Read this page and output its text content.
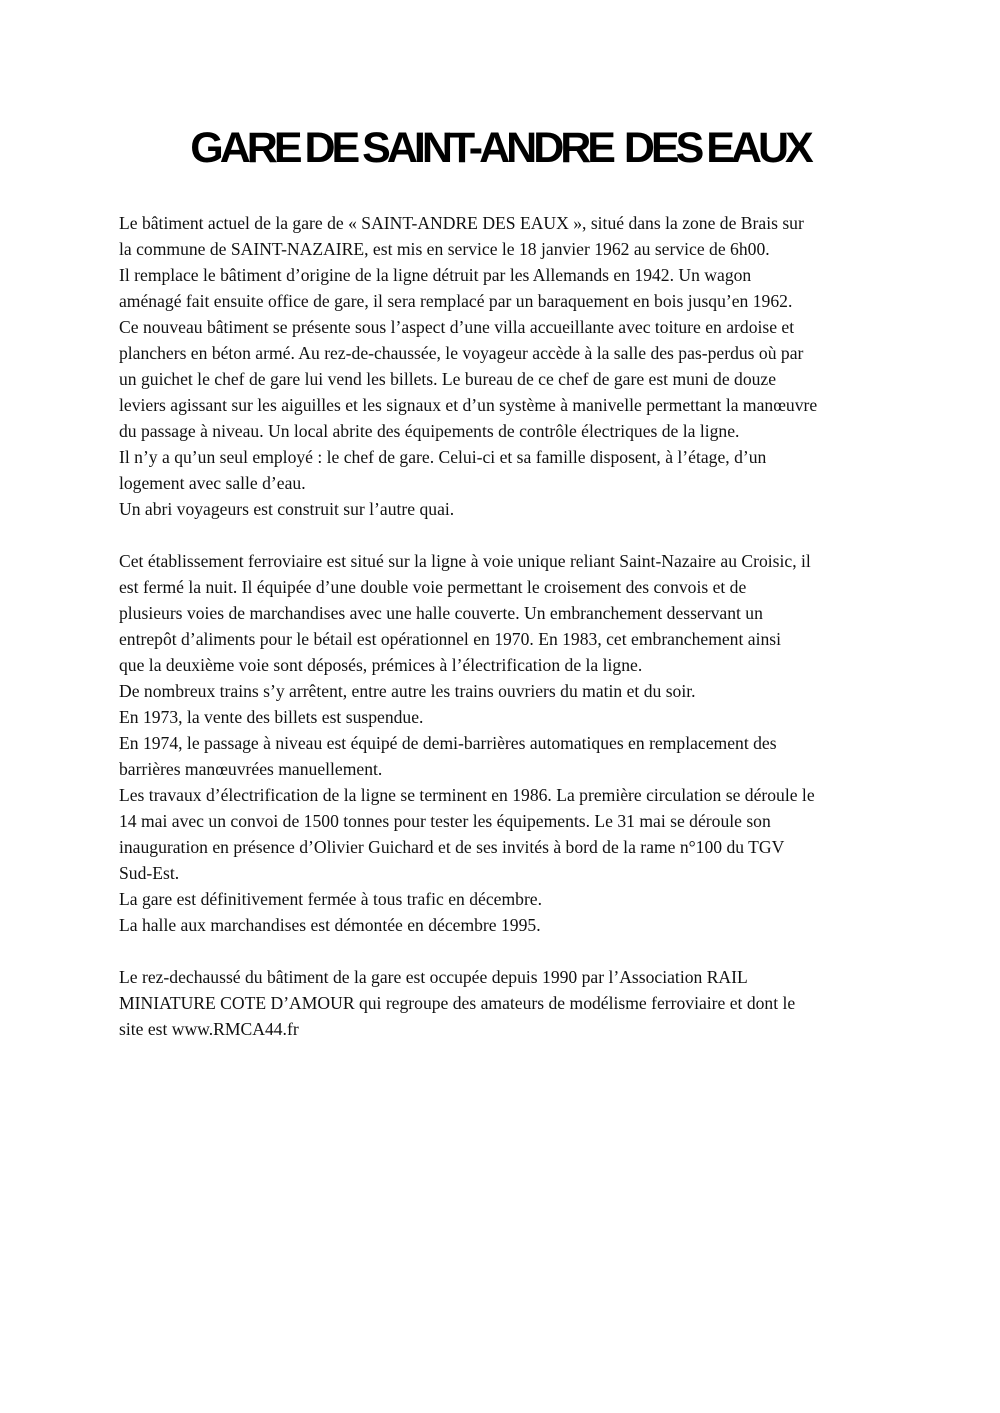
GARE DE SAINT-ANDRE  DES EAUX

Le bâtiment actuel de la gare de « SAINT-ANDRE DES EAUX », situé dans la zone de Brais sur
la commune de SAINT-NAZAIRE, est mis en service le 18 janvier 1962 au service de 6h00.

Il remplace le bâtiment d’origine de la ligne détruit par les Allemands en 1942. Un wagon
aménagé fait ensuite office de gare, il sera remplacé par un baraquement en bois jusqu’en 1962.

Ce nouveau bâtiment se présente sous l’aspect d’une villa accueillante avec toiture en ardoise et
planchers en béton armé. Au rez-de-chaussée, le voyageur accède à la salle des pas-perdus où par
un guichet le chef de gare lui vend les billets. Le bureau de ce chef de gare est muni de douze
leviers agissant sur les aiguilles et les signaux et d’un système à manivelle permettant la manœuvre
du passage à niveau. Un local abrite des équipements de contrôle électriques de la ligne.

Il n’y a qu’un seul employé : le chef de gare. Celui-ci et sa famille disposent, à l’étage, d’un
logement avec salle d’eau.

Un abri voyageurs est construit sur l’autre quai.

Cet établissement ferroviaire est situé sur la ligne à voie unique reliant Saint-Nazaire au Croisic, il
est fermé la nuit. Il équipée d’une double voie permettant le croisement des convois et de
plusieurs voies de marchandises avec une halle couverte. Un embranchement desservant un
entrepôt d’aliments pour le bétail est opérationnel en 1970. En 1983, cet embranchement ainsi
que la deuxième voie sont déposés, prémices à l’électrification de la ligne.

De nombreux trains s’y arrêtent, entre autre les trains ouvriers du matin et du soir.

En 1973, la vente des billets est suspendue.

En 1974, le passage à niveau est équipé de demi-barrières automatiques en remplacement des
barrières manœuvrées manuellement.

Les travaux d’électrification de la ligne se terminent en 1986. La première circulation se déroule le
14 mai avec un convoi de 1500 tonnes pour tester les équipements. Le 31 mai se déroule son
inauguration en présence d’Olivier Guichard et de ses invités à bord de la rame n°100 du TGV
Sud-Est.

La gare est définitivement fermée à tous trafic en décembre.

La halle aux marchandises est démontée en décembre 1995.

Le rez-dechaussé du bâtiment de la gare est occupée depuis 1990 par l’Association RAIL
MINIATURE COTE D’AMOUR qui regroupe des amateurs de modélisme ferroviaire et dont le
site est www.RMCA44.fr
